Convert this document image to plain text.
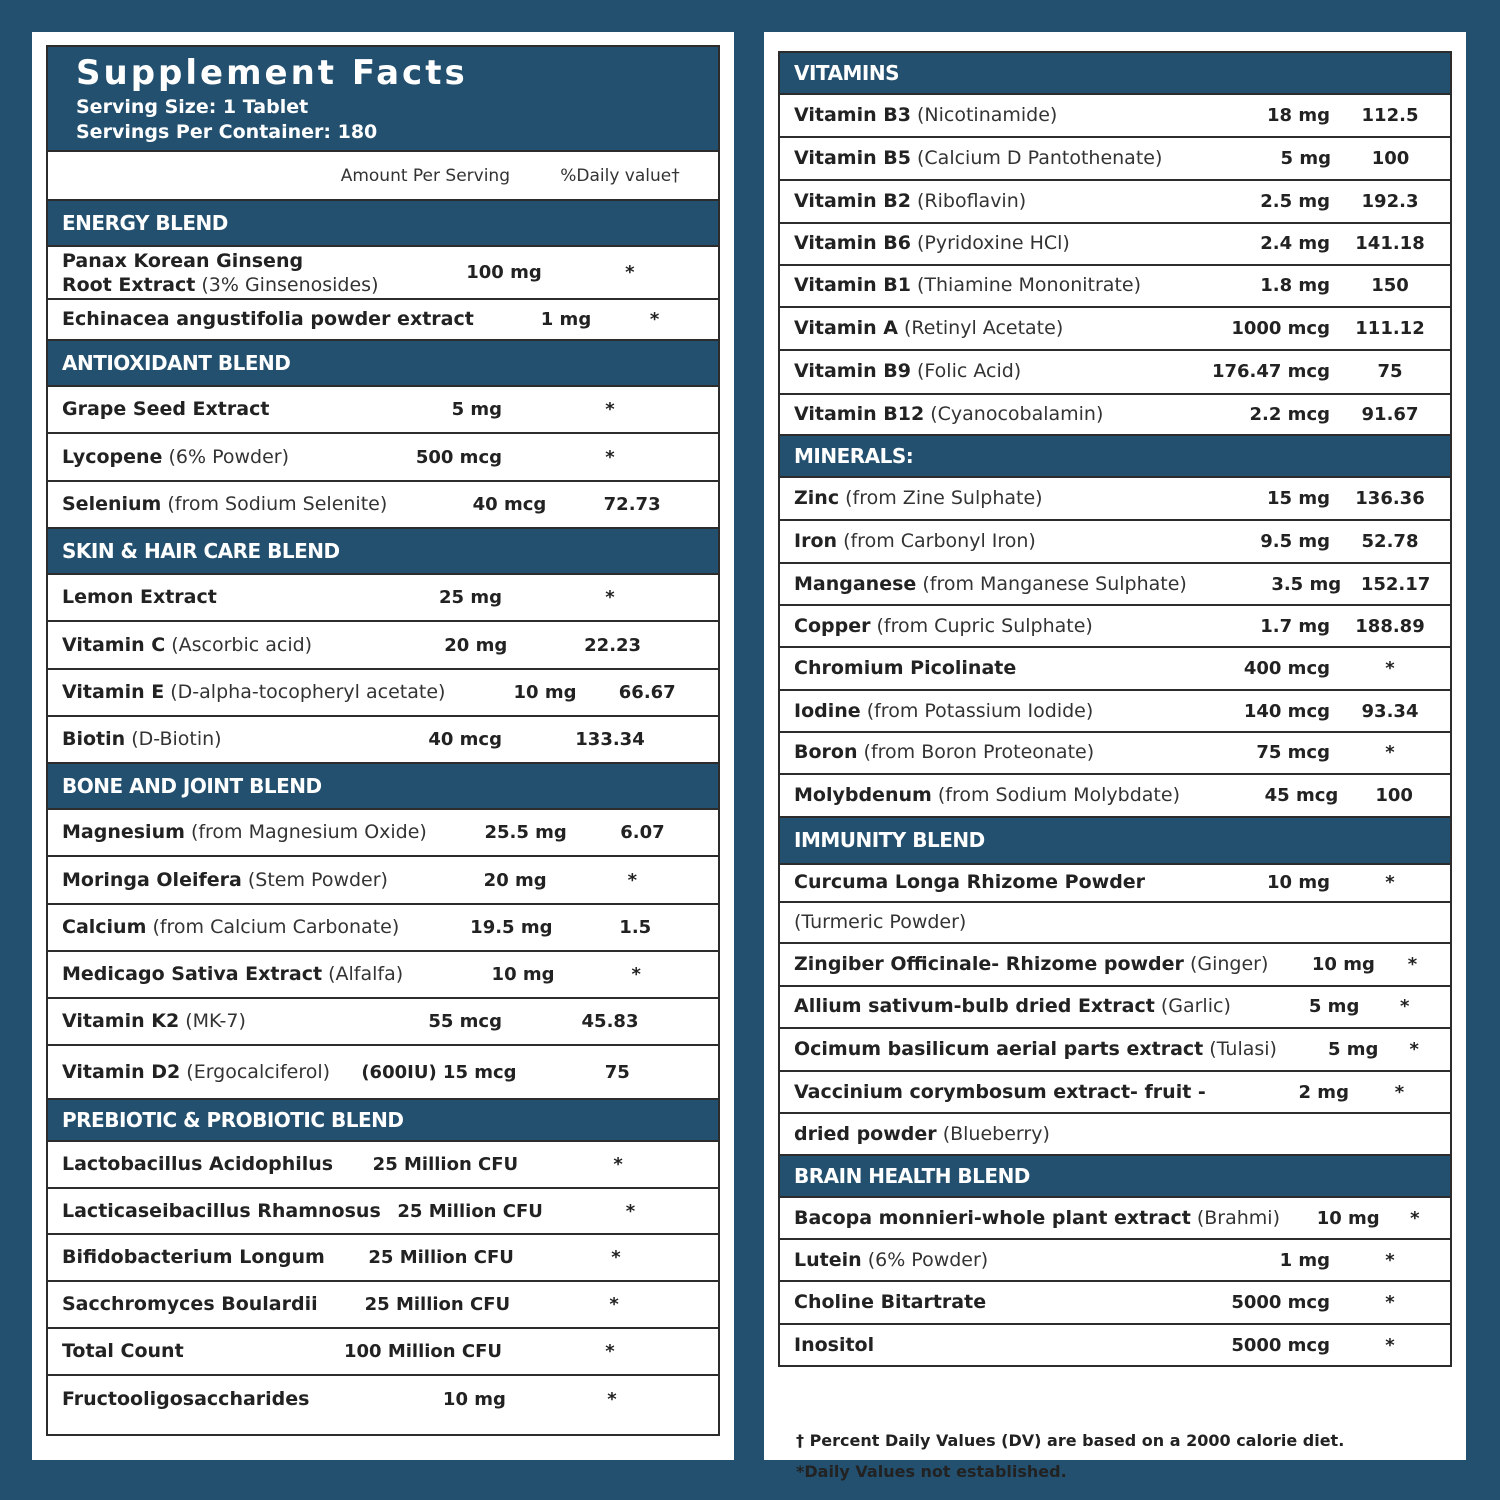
Supplement Facts
Serving Size: 1 Tablet
Servings Per Container: 180
Amount Per Serving	%Daily value†
ENERGY BLEND
Panax Korean Ginseng
Root Extract (3% Ginsenosides)
100 mg	*
Echinacea angustifolia powder extract	1 mg	*
ANTIOXIDANT BLEND
Grape Seed Extract	5 mg	*
Lycopene (6% Powder)	500 mcg	*
Selenium (from Sodium Selenite)	40 mcg	72.73
SKIN & HAIR CARE BLEND
Lemon Extract	25 mg	*
Vitamin C (Ascorbic acid)	20 mg	22.23
Vitamin E (D-alpha-tocopheryl acetate)	10 mg	66.67
Biotin (D-Biotin)	40 mcg	133.34
BONE AND JOINT BLEND
Magnesium (from Magnesium Oxide)	25.5 mg	6.07
Moringa Oleifera (Stem Powder)	20 mg	*
Calcium (from Calcium Carbonate)	19.5 mg	1.5
Medicago Sativa Extract (Alfalfa)	10 mg	*
Vitamin K2 (MK-7)	55 mcg	45.83
Vitamin D2 (Ergocalciferol)	(600IU) 15 mcg	75
PREBIOTIC & PROBIOTIC BLEND
Lactobacillus Acidophilus	25 Million CFU	*
Lacticaseibacillus Rhamnosus 25 Million CFU	*
Bifidobacterium Longum	25 Million CFU	*
Sacchromyces Boulardii	25 Million CFU	*
Total Count	100 Million CFU	*
Fructooligosaccharides	10 mg	*
VITAMINS
Vitamin B3 (Nicotinamide)	18 mg	112.5
Vitamin B5 (Calcium D Pantothenate)	5 mg	100
Vitamin B2 (Riboflavin)	2.5 mg	192.3
Vitamin B6 (Pyridoxine HCl)	2.4 mg	141.18
Vitamin B1 (Thiamine Mononitrate)	1.8 mg	150
Vitamin A (Retinyl Acetate)	1000 mcg	111.12
Vitamin B9 (Folic Acid)	176.47 mcg	75
Vitamin B12 (Cyanocobalamin)	2.2 mcg	91.67
MINERALS:
Zinc (from Zine Sulphate)	15 mg	136.36
Iron (from Carbonyl Iron)	9.5 mg	52.78
Manganese (from Manganese Sulphate)	3.5 mg	152.17
Copper (from Cupric Sulphate)	1.7 mg	188.89
Chromium Picolinate	400 mcg	*
Iodine (from Potassium Iodide)	140 mcg	93.34
Boron (from Boron Proteonate)	75 mcg	*
Molybdenum (from Sodium Molybdate)	45 mcg	100
IMMUNITY BLEND
Curcuma Longa Rhizome Powder	10 mg	*
(Turmeric Powder)
Zingiber Officinale- Rhizome powder (Ginger)	10 mg	*
Allium sativum-bulb dried Extract (Garlic)	5 mg	*
Ocimum basilicum aerial parts extract (Tulasi)	5 mg	*
Vaccinium corymbosum extract- fruit -	2 mg	*
dried powder (Blueberry)
BRAIN HEALTH BLEND
Bacopa monnieri-whole plant extract (Brahmi)	10 mg	*
Lutein (6% Powder)	1 mg	*
Choline Bitartrate	5000 mcg	*
Inositol	5000 mcg	*
† Percent Daily Values (DV) are based on a 2000 calorie diet.
*Daily Values not established.
